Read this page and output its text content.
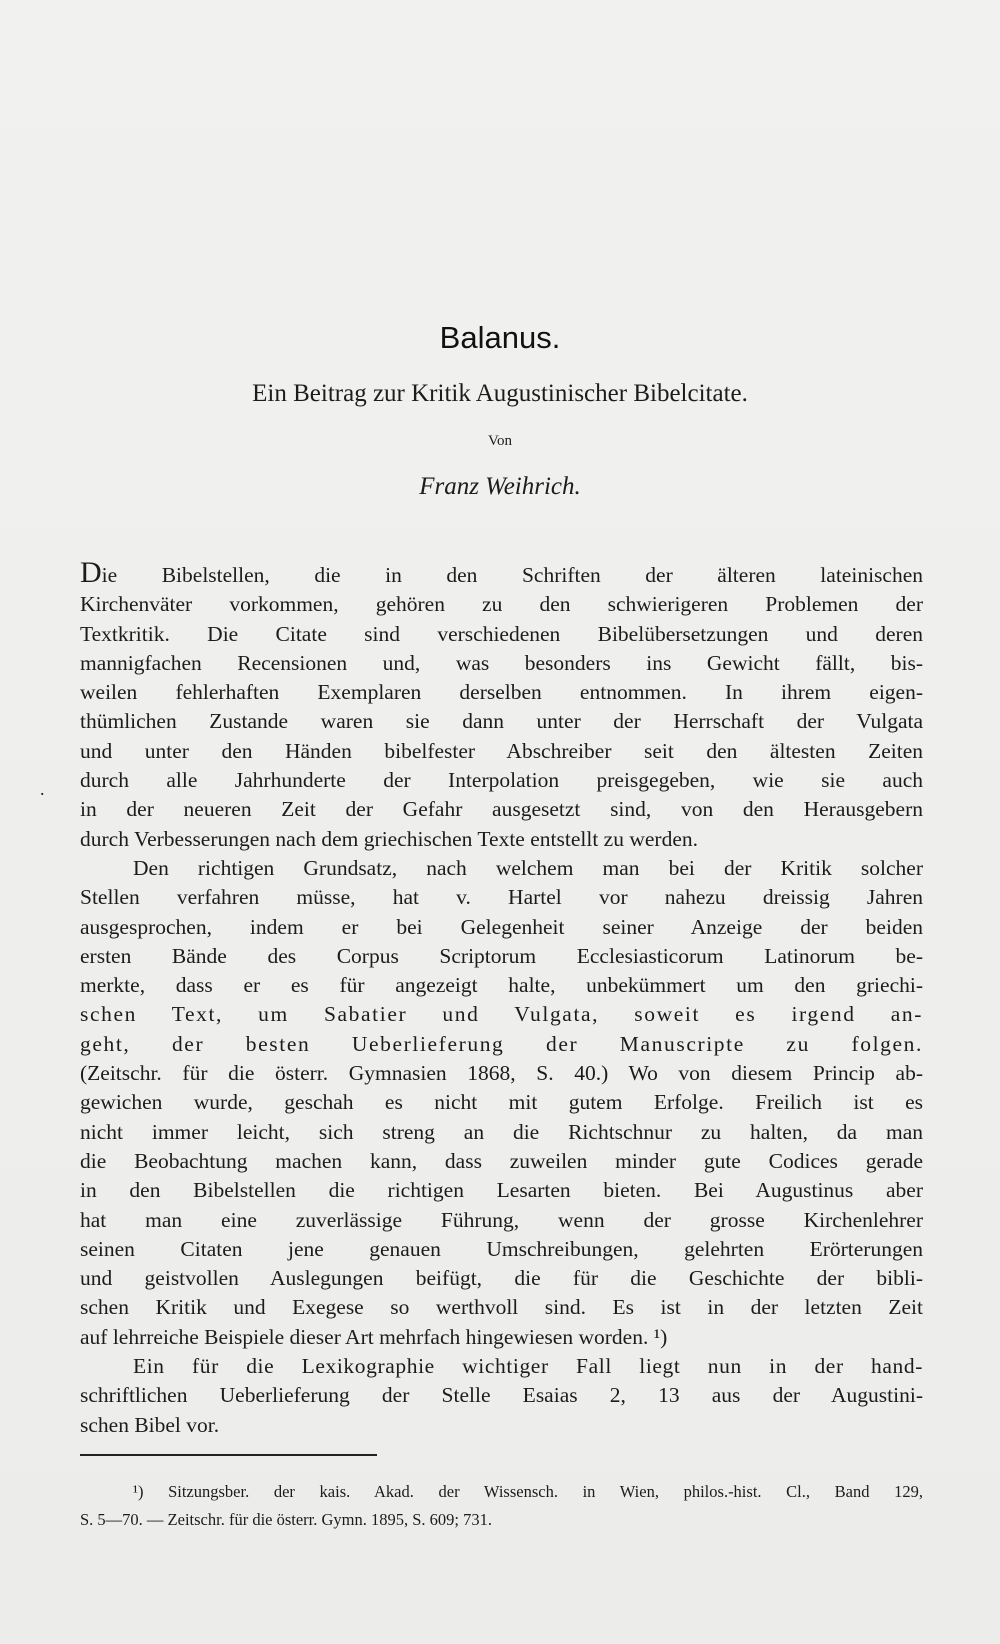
Balanus.
Ein Beitrag zur Kritik Augustinischer Bibelcitate.
Von
Franz Weihrich.
.
Die Bibelstellen, die in den Schriften der älteren lateinischen
Kirchenväter vorkommen, gehören zu den schwierigeren Problemen der
Textkritik. Die Citate sind verschiedenen Bibelübersetzungen und deren
mannigfachen Recensionen und, was besonders ins Gewicht fällt, bis-
weilen fehlerhaften Exemplaren derselben entnommen. In ihrem eigen-
thümlichen Zustande waren sie dann unter der Herrschaft der Vulgata
und unter den Händen bibelfester Abschreiber seit den ältesten Zeiten
durch alle Jahrhunderte der Interpolation preisgegeben, wie sie auch
in der neueren Zeit der Gefahr ausgesetzt sind, von den Herausgebern
durch Verbesserungen nach dem griechischen Texte entstellt zu werden.
Den richtigen Grundsatz, nach welchem man bei der Kritik solcher
Stellen verfahren müsse, hat v. Hartel vor nahezu dreissig Jahren
ausgesprochen, indem er bei Gelegenheit seiner Anzeige der beiden
ersten Bände des Corpus Scriptorum Ecclesiasticorum Latinorum be-
merkte, dass er es für angezeigt halte, unbekümmert um den griechi-
schen Text, um Sabatier und Vulgata, soweit es irgend an-
geht, der besten Ueberlieferung der Manuscripte zu folgen.
(Zeitschr. für die österr. Gymnasien 1868, S. 40.) Wo von diesem Princip ab-
gewichen wurde, geschah es nicht mit gutem Erfolge. Freilich ist es
nicht immer leicht, sich streng an die Richtschnur zu halten, da man
die Beobachtung machen kann, dass zuweilen minder gute Codices gerade
in den Bibelstellen die richtigen Lesarten bieten. Bei Augustinus aber
hat man eine zuverlässige Führung, wenn der grosse Kirchenlehrer
seinen Citaten jene genauen Umschreibungen, gelehrten Erörterungen
und geistvollen Auslegungen beifügt, die für die Geschichte der bibli-
schen Kritik und Exegese so werthvoll sind. Es ist in der letzten Zeit
auf lehrreiche Beispiele dieser Art mehrfach hingewiesen worden. ¹)
Ein für die Lexikographie wichtiger Fall liegt nun in der hand-
schriftlichen Ueberlieferung der Stelle Esaias 2, 13 aus der Augustini-
schen Bibel vor.
¹) Sitzungsber. der kais. Akad. der Wissensch. in Wien, philos.-hist. Cl., Band 129,
S. 5—70. — Zeitschr. für die österr. Gymn. 1895, S. 609; 731.
